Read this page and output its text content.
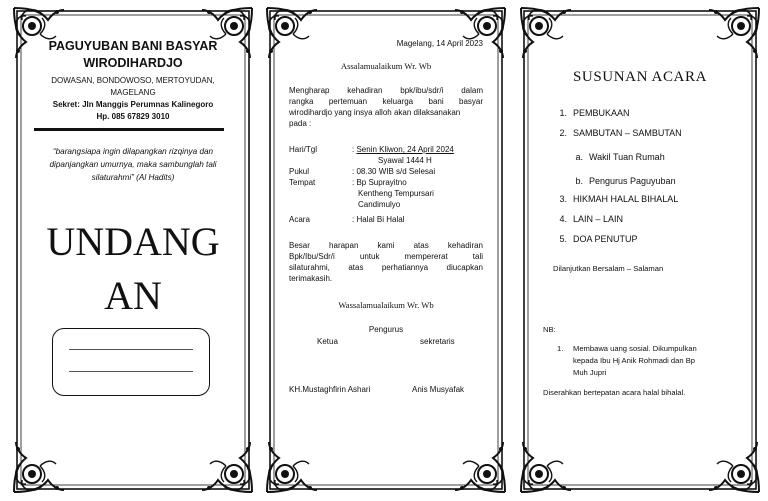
PAGUYUBAN BANI BASYAR
WIRODIHARDJO
DOWASAN, BONDOWOSO, MERTOYUDAN,
MAGELANG
Sekret: Jln Manggis Perumnas Kalinegoro
Hp. 085 67829 3010
“barangsiapa ingin dilapangkan rizqinya dan
dipanjangkan umurnya, maka sambunglah tali
silaturahmi” (Al Hadits)
UNDANG
AN
Magelang, 14 April 2023
Assalamualaikum Wr. Wb
Mengharap kehadiran bpk/ibu/sdr/i dalam
rangka pertemuan keluarga bani basyar
wirodihardjo yang insya alloh akan dilaksanakan
pada :
Hari/Tgl	: Senin Kliwon, 24 April 2024
Syawal 1444 H
Pukul	: 08.30 WIB s/d Selesai
Tempat	: Bp Suprayitno
Kentheng Tempursari
Candimulyo
Acara	: Halal Bi Halal
Besar harapan kami atas kehadiran
Bpk/Ibu/Sdr/i untuk mempererat tali
silaturahmi, atas perhatiannya diucapkan
terimakasih.
Wassalamualaikum Wr. Wb
Pengurus
Ketua	sekretaris
KH.Mustaghfirin Ashari	Anis Musyafak
SUSUNAN ACARA
1. PEMBUKAAN
2. SAMBUTAN – SAMBUTAN
a. Wakil Tuan Rumah
b. Pengurus Paguyuban
3. HIKMAH HALAL BIHALAL
4. LAIN – LAIN
5. DOA PENUTUP
Dilanjutkan Bersalam – Salaman
NB:
1. Membawa uang sosial. Dikumpulkan
kepada Ibu Hj Anik Rohmadi dan Bp
Muh Jupri
Diserahkan bertepatan acara halal bihalal.
